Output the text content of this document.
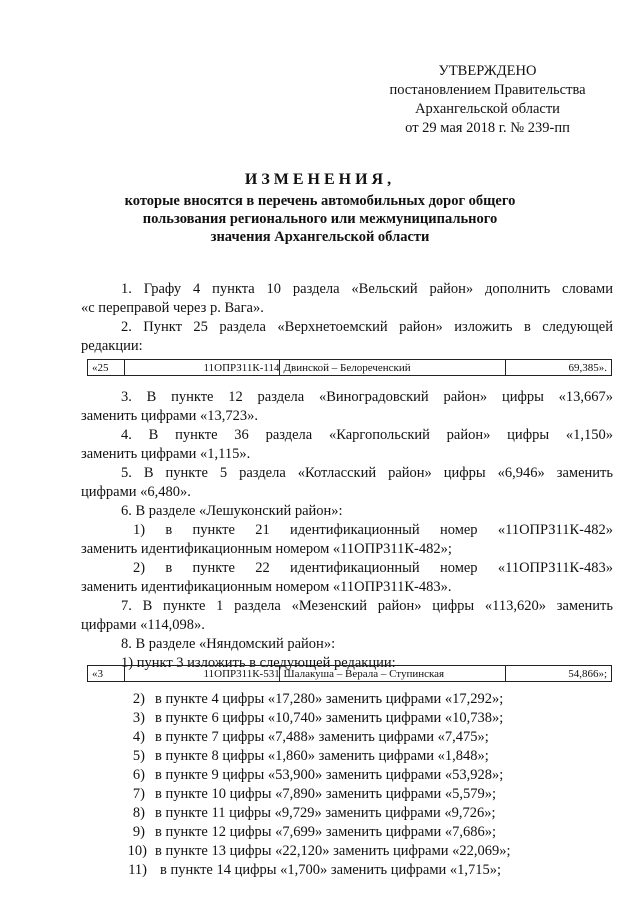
УТВЕРЖДЕНО
постановлением Правительства
Архангельской области
от 29 мая 2018 г. № 239-пп
ИЗМЕНЕНИЯ,
которые вносятся в перечень автомобильных дорог общего
пользования регионального или межмуниципального
значения Архангельской области
1. Графу 4 пункта 10 раздела «Вельский район» дополнить словами
«с переправой через р. Вага».
2. Пункт 25 раздела «Верхнетоемский район» изложить в следующей
редакции:
«25	11ОПРЗ11К-114 Двинской – Белореченский	69,385».
3. В пункте 12 раздела «Виноградовский район» цифры «13,667»
заменить цифрами «13,723».
4. В пункте 36 раздела «Каргопольский район» цифры «1,150»
заменить цифрами «1,115».
5. В пункте 5 раздела «Котласский район» цифры «6,946» заменить
цифрами «6,480».
6. В разделе «Лешуконский район»:
1) в пункте 21 идентификационный номер «11ОПРЗ11К-482»
заменить идентификационным номером «11ОПР311К-482»;
2) в пункте 22 идентификационный номер «11ОПРЗ11К-483»
заменить идентификационным номером «11ОПР311К-483».
7. В пункте 1 раздела «Мезенский район» цифры «113,620» заменить
цифрами «114,098».
8. В разделе «Няндомский район»:
1) пункт 3 изложить в следующей редакции:
«3	11ОПР311К-531 Шалакуша – Верала – Ступинская	54,866»;
2) в пункте 4 цифры «17,280» заменить цифрами «17,292»;
3) в пункте 6 цифры «10,740» заменить цифрами «10,738»;
4) в пункте 7 цифры «7,488» заменить цифрами «7,475»;
5) в пункте 8 цифры «1,860» заменить цифрами «1,848»;
6) в пункте 9 цифры «53,900» заменить цифрами «53,928»;
7) в пункте 10 цифры «7,890» заменить цифрами «5,579»;
8) в пункте 11 цифры «9,729» заменить цифрами «9,726»;
9) в пункте 12 цифры «7,699» заменить цифрами «7,686»;
10) в пункте 13 цифры «22,120» заменить цифрами «22,069»;
11) в пункте 14 цифры «1,700» заменить цифрами «1,715»;
